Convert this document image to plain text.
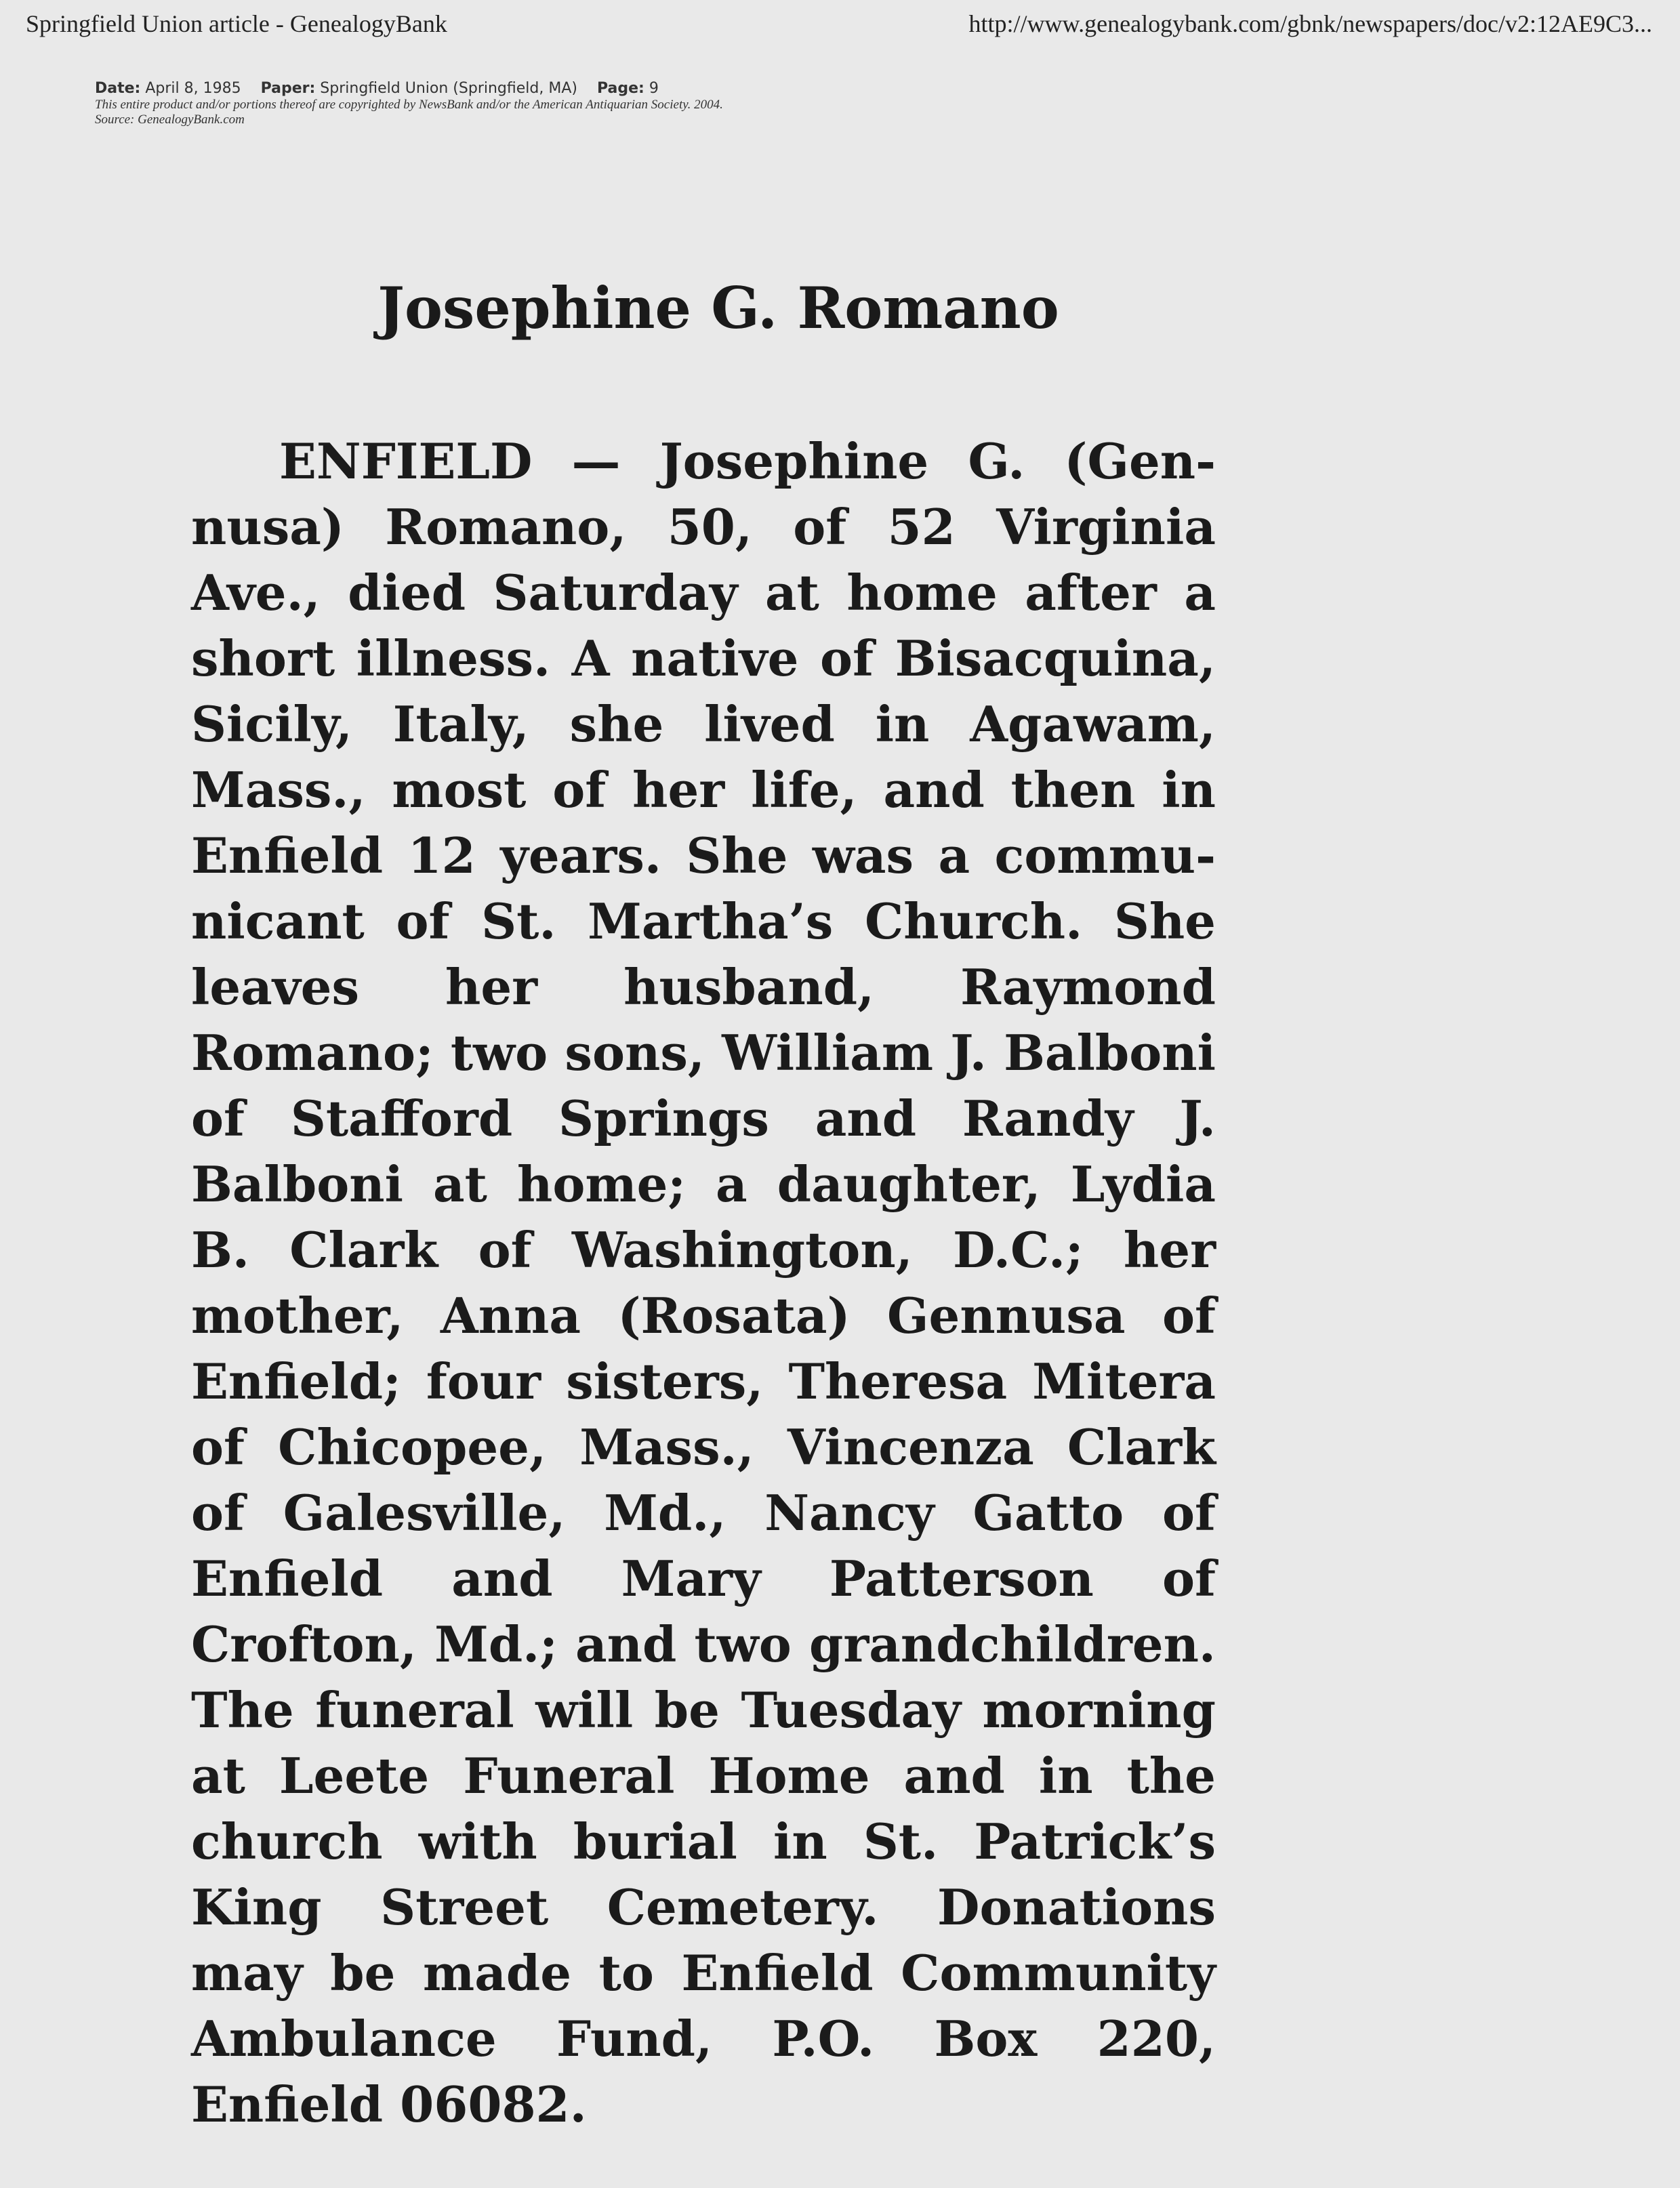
Springfield Union article - GenealogyBank	http://www.genealogybank.com/gbnk/newspapers/doc/v2:12AE9C3...
Date: April 8, 1985 Paper: Springfield Union (Springfield, MA) Page: 9
This entire product and/or portions thereof are copyrighted by NewsBank and/or the American Antiquarian Society. 2004.
Source: GenealogyBank.com
Josephine G. Romano
ENFIELD — Josephine G. (Gennusa) Romano, 50, of 52 Virginia Ave., died Saturday at home after a short illness. A native of Bisacquina, Sicily, Italy, she lived in Agawam, Mass., most of her life, and then in Enfield 12 years. She was a communicant of St. Martha’s Church. She leaves her husband, Raymond Romano; two sons, William J. Balboni of Stafford Springs and Randy J. Balboni at home; a daughter, Lydia B. Clark of Washington, D.C.; her mother, Anna (Rosata) Gennusa of Enfield; four sisters, Theresa Mitera of Chicopee, Mass., Vincenza Clark of Galesville, Md., Nancy Gatto of Enfield and Mary Patterson of Crofton, Md.; and two grandchildren. The funeral will be Tuesday morning at Leete Funeral Home and in the church with burial in St. Patrick’s King Street Cemetery. Donations may be made to Enfield Community Ambulance Fund, P.O. Box 220, Enfield 06082.
